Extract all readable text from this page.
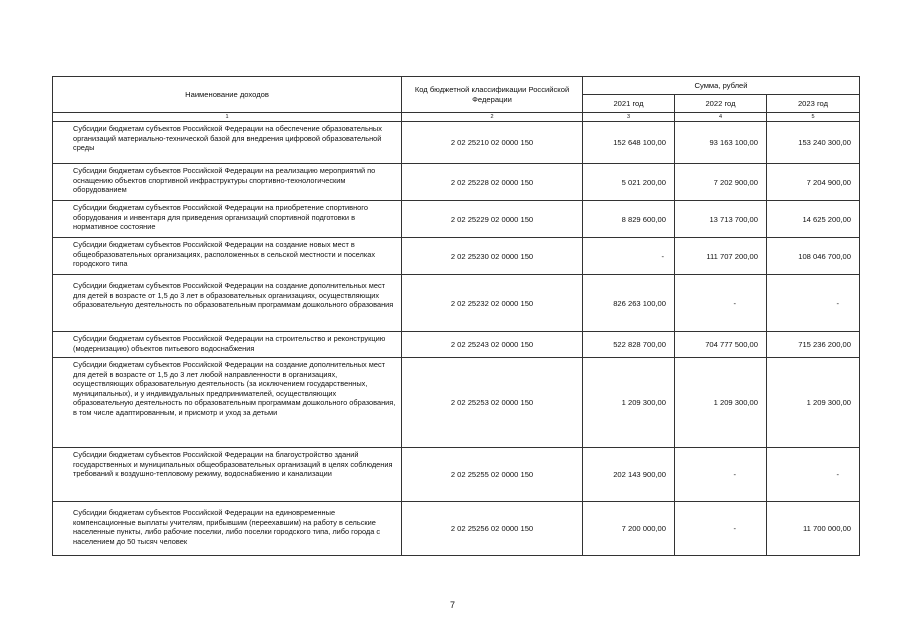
Наименование доходов	Код бюджетной классификации Российской Федерации	Сумма, рублей		
		2021 год	2022 год	2023 год
1	2	3	4	5
Субсидии бюджетам субъектов Российской Федерации на обеспечение образовательных организаций материально-технической базой для внедрения цифровой образовательной среды	2 02 25210 02 0000 150	152 648 100,00	93 163 100,00	153 240 300,00
Субсидии бюджетам субъектов Российской Федерации на реализацию мероприятий по оснащению объектов спортивной инфраструктуры спортивно-технологическим оборудованием	2 02 25228 02 0000 150	5 021 200,00	7 202 900,00	7 204 900,00
Субсидии бюджетам субъектов Российской Федерации на приобретение спортивного оборудования и инвентаря для приведения организаций спортивной подготовки в нормативное состояние	2 02 25229 02 0000 150	8 829 600,00	13 713 700,00	14 625 200,00
Субсидии бюджетам субъектов Российской Федерации на создание новых мест в общеобразовательных организациях, расположенных в сельской местности и поселках городского типа	2 02 25230 02 0000 150	-	111 707 200,00	108 046 700,00
Субсидии бюджетам субъектов Российской Федерации на создание дополнительных мест для детей в возрасте от 1,5 до 3 лет в образовательных организациях, осуществляющих образовательную деятельность по образовательным программам дошкольного образования	2 02 25232 02 0000 150	826 263 100,00	-	-
Субсидии бюджетам субъектов Российской Федерации на строительство и реконструкцию (модернизацию) объектов питьевого водоснабжения	2 02 25243 02 0000 150	522 828 700,00	704 777 500,00	715 236 200,00
Субсидии бюджетам субъектов Российской Федерации на создание дополнительных мест для детей в возрасте от 1,5 до 3 лет любой направленности в организациях, осуществляющих образовательную деятельность (за исключением государственных, муниципальных), и у индивидуальных предпринимателей, осуществляющих образовательную деятельность по образовательным программам дошкольного образования, в том числе адаптированным, и присмотр и уход за детьми	2 02 25253 02 0000 150	1 209 300,00	1 209 300,00	1 209 300,00
Субсидии бюджетам субъектов Российской Федерации на благоустройство зданий государственных и муниципальных общеобразовательных организаций в целях соблюдения требований к воздушно-тепловому режиму, водоснабжению и канализации	2 02 25255 02 0000 150	202 143 900,00	-	-
Субсидии бюджетам субъектов Российской Федерации на единовременные компенсационные выплаты учителям, прибывшим (переехавшим) на работу в сельские населенные пункты, либо рабочие поселки, либо поселки городского типа, либо города с населением до 50 тысяч человек	2 02 25256 02 0000 150	7 200 000,00	-	11 700 000,00
7
